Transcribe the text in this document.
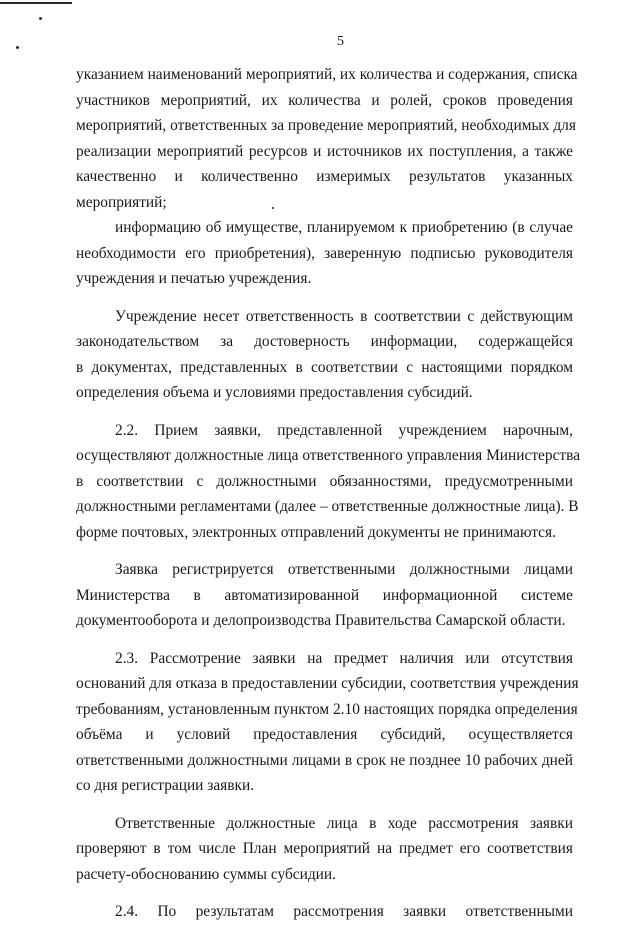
5
указанием наименований мероприятий, их количества и содержания, списка
участников мероприятий, их количества и ролей, сроков проведения
мероприятий, ответственных за проведение мероприятий, необходимых для
реализации мероприятий ресурсов и источников их поступления, а также
качественно и количественно измеримых результатов указанных
мероприятий;
информацию об имуществе, планируемом к приобретению (в случае
необходимости его приобретения), заверенную подписью руководителя
учреждения и печатью учреждения.
Учреждение несет ответственность в соответствии с действующим
законодательством за достоверность информации, содержащейся
в документах, представленных в соответствии с настоящими порядком
определения объема и условиями предоставления субсидий.
2.2. Прием заявки, представленной учреждением нарочным,
осуществляют должностные лица ответственного управления Министерства
в соответствии с должностными обязанностями, предусмотренными
должностными регламентами (далее – ответственные должностные лица). В
форме почтовых, электронных отправлений документы не принимаются.
Заявка регистрируется ответственными должностными лицами
Министерства в автоматизированной информационной системе
документооборота и делопроизводства Правительства Самарской области.
2.3. Рассмотрение заявки на предмет наличия или отсутствия
оснований для отказа в предоставлении субсидии, соответствия учреждения
требованиям, установленным пунктом 2.10 настоящих порядка определения
объёма и условий предоставления субсидий, осуществляется
ответственными должностными лицами в срок не позднее 10 рабочих дней
со дня регистрации заявки.
Ответственные должностные лица в ходе рассмотрения заявки
проверяют в том числе План мероприятий на предмет его соответствия
расчету-обоснованию суммы субсидии.
2.4. По результатам рассмотрения заявки ответственными
